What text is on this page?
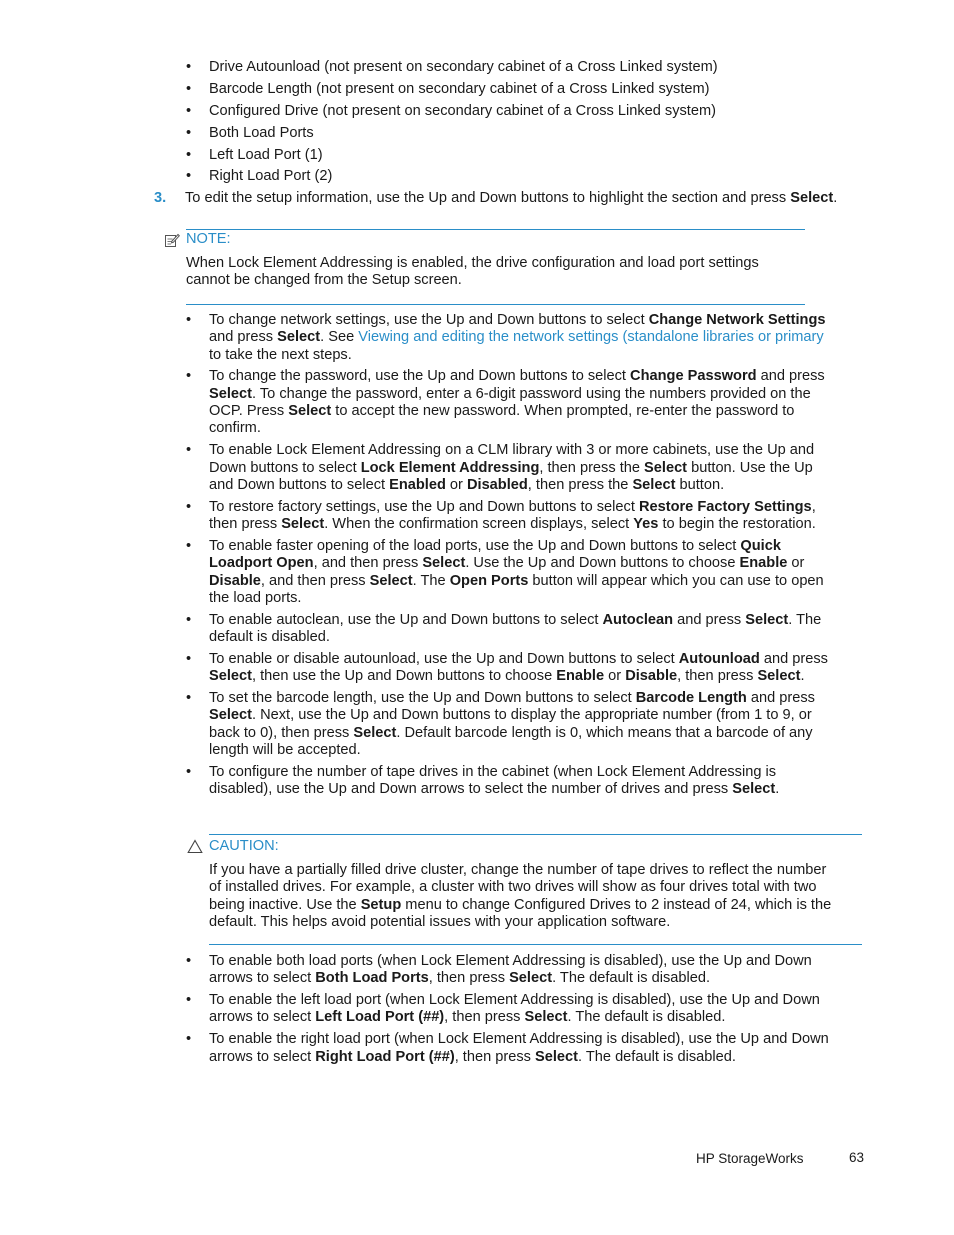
• Drive Autounload (not present on secondary cabinet of a Cross Linked system)
• Barcode Length (not present on secondary cabinet of a Cross Linked system)
• Configured Drive (not present on secondary cabinet of a Cross Linked system)
• Both Load Ports
• Left Load Port (1)
• Right Load Port (2)
3. To edit the setup information, use the Up and Down buttons to highlight the section and press Select.
NOTE:
When Lock Element Addressing is enabled, the drive configuration and load port settings
cannot be changed from the Setup screen.
• To change network settings, use the Up and Down buttons to select Change Network Settings and press Select. See Viewing and editing the network settings (standalone libraries or primary to take the next steps.
• To change the password, use the Up and Down buttons to select Change Password and press Select. To change the password, enter a 6-digit password using the numbers provided on the OCP. Press Select to accept the new password. When prompted, re-enter the password to confirm.
• To enable Lock Element Addressing on a CLM library with 3 or more cabinets, use the Up and Down buttons to select Lock Element Addressing, then press the Select button. Use the Up and Down buttons to select Enabled or Disabled, then press the Select button.
• To restore factory settings, use the Up and Down buttons to select Restore Factory Settings, then press Select. When the confirmation screen displays, select Yes to begin the restoration.
• To enable faster opening of the load ports, use the Up and Down buttons to select Quick Loadport Open, and then press Select. Use the Up and Down buttons to choose Enable or Disable, and then press Select. The Open Ports button will appear which you can use to open the load ports.
• To enable autoclean, use the Up and Down buttons to select Autoclean and press Select. The default is disabled.
• To enable or disable autounload, use the Up and Down buttons to select Autounload and press Select, then use the Up and Down buttons to choose Enable or Disable, then press Select.
• To set the barcode length, use the Up and Down buttons to select Barcode Length and press Select. Next, use the Up and Down buttons to display the appropriate number (from 1 to 9, or back to 0), then press Select. Default barcode length is 0, which means that a barcode of any length will be accepted.
• To configure the number of tape drives in the cabinet (when Lock Element Addressing is disabled), use the Up and Down arrows to select the number of drives and press Select.
CAUTION:
If you have a partially filled drive cluster, change the number of tape drives to reflect the number of installed drives. For example, a cluster with two drives will show as four drives total with two being inactive. Use the Setup menu to change Configured Drives to 2 instead of 24, which is the default. This helps avoid potential issues with your application software.
• To enable both load ports (when Lock Element Addressing is disabled), use the Up and Down arrows to select Both Load Ports, then press Select. The default is disabled.
• To enable the left load port (when Lock Element Addressing is disabled), use the Up and Down arrows to select Left Load Port (##), then press Select. The default is disabled.
• To enable the right load port (when Lock Element Addressing is disabled), use the Up and Down arrows to select Right Load Port (##), then press Select. The default is disabled.
HP StorageWorks	63
